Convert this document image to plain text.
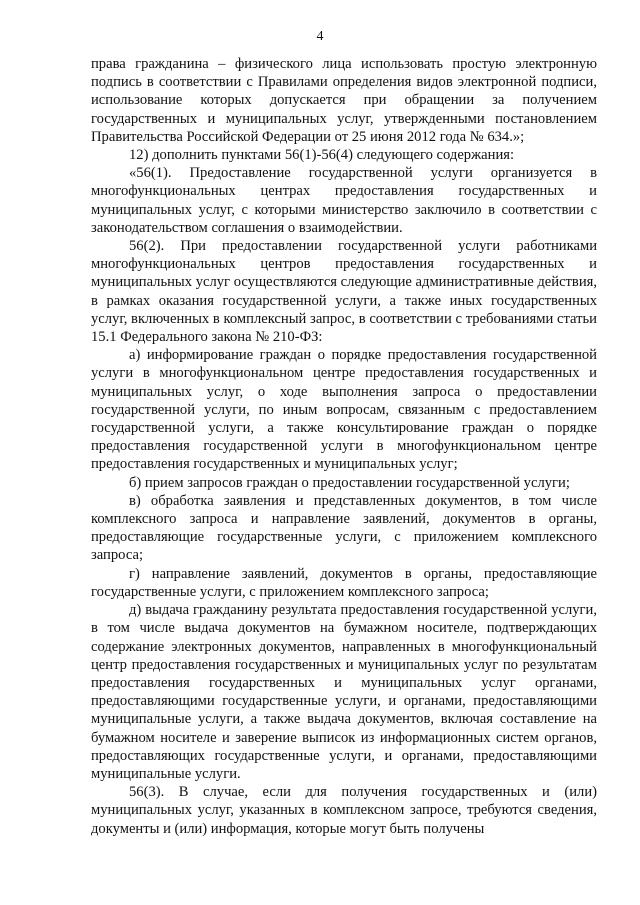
4

права гражданина – физического лица использовать простую электронную подпись в соответствии с Правилами определения видов электронной подписи, использование которых допускается при обращении за получением государственных и муниципальных услуг, утвержденными постановлением Правительства Российской Федерации от 25 июня 2012 года № 634.»;

12) дополнить пунктами 56(1)-56(4) следующего содержания:

«56(1). Предоставление государственной услуги организуется в многофункциональных центрах предоставления государственных и муниципальных услуг, с которыми министерство заключило в соответствии с законодательством соглашения о взаимодействии.

56(2). При предоставлении государственной услуги работниками многофункциональных центров предоставления государственных и муниципальных услуг осуществляются следующие административные действия, в рамках оказания государственной услуги, а также иных государственных услуг, включенных в комплексный запрос, в соответствии с требованиями статьи 15.1 Федерального закона № 210-ФЗ:

а) информирование граждан о порядке предоставления государственной услуги в многофункциональном центре предоставления государственных и муниципальных услуг, о ходе выполнения запроса о предоставлении государственной услуги, по иным вопросам, связанным с предоставлением государственной услуги, а также консультирование граждан о порядке предоставления государственной услуги в многофункциональном центре предоставления государственных и муниципальных услуг;

б) прием запросов граждан о предоставлении государственной услуги;

в) обработка заявления и представленных документов, в том числе комплексного запроса и направление заявлений, документов в органы, предоставляющие государственные услуги, с приложением комплексного запроса;

г) направление заявлений, документов в органы, предоставляющие государственные услуги, с приложением комплексного запроса;

д) выдача гражданину результата предоставления государственной услуги, в том числе выдача документов на бумажном носителе, подтверждающих содержание электронных документов, направленных в многофункциональный центр предоставления государственных и муниципальных услуг по результатам предоставления государственных и муниципальных услуг органами, предоставляющими государственные услуги, и органами, предоставляющими муниципальные услуги, а также выдача документов, включая составление на бумажном носителе и заверение выписок из информационных систем органов, предоставляющих государственные услуги, и органами, предоставляющими муниципальные услуги.

56(3). В случае, если для получения государственных и (или) муниципальных услуг, указанных в комплексном запросе, требуются сведения, документы и (или) информация, которые могут быть получены
